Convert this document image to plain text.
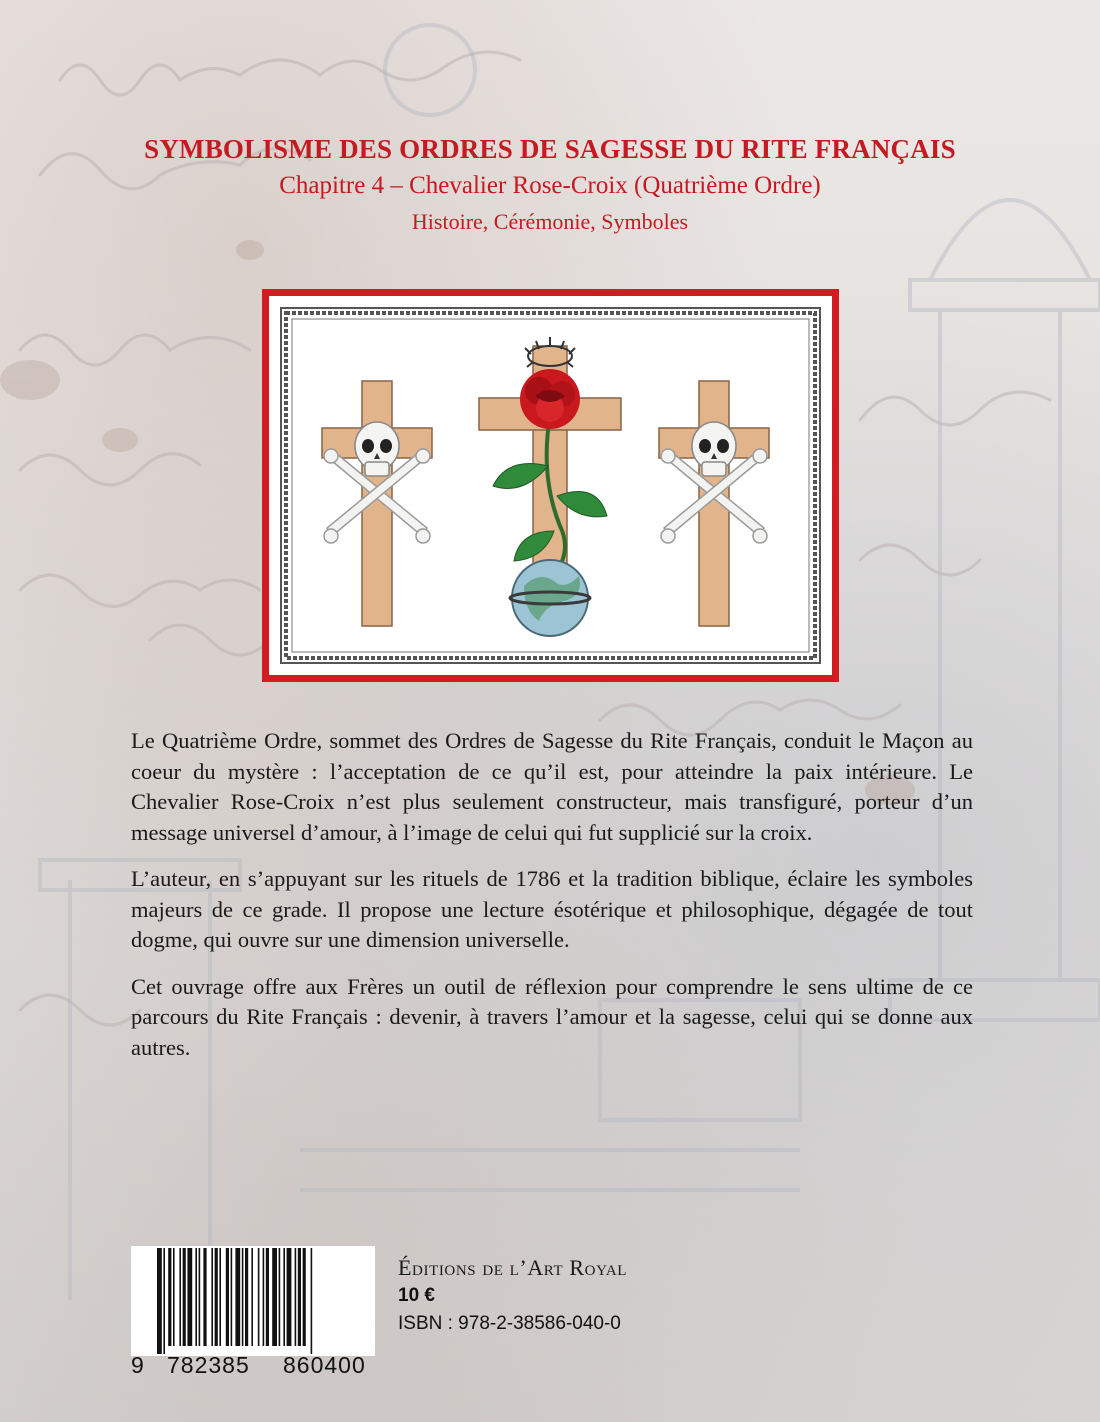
SYMBOLISME DES ORDRES DE SAGESSE DU RITE FRANÇAIS
Chapitre 4 – Chevalier Rose-Croix (Quatrième Ordre)
Histoire, Cérémonie, Symboles

Le Quatrième Ordre, sommet des Ordres de Sagesse du Rite Français, conduit le Maçon au coeur du mystère : l’acceptation de ce qu’il est, pour atteindre la paix intérieure. Le Chevalier Rose-Croix n’est plus seulement constructeur, mais transfiguré, porteur d’un message universel d’amour, à l’image de celui qui fut supplicié sur la croix.

L’auteur, en s’appuyant sur les rituels de 1786 et la tradition biblique, éclaire les symboles majeurs de ce grade. Il propose une lecture ésotérique et philosophique, dégagée de tout dogme, qui ouvre sur une dimension universelle.

Cet ouvrage offre aux Frères un outil de réflexion pour comprendre le sens ultime de ce parcours du Rite Français : devenir, à travers l’amour et la sagesse, celui qui se donne aux autres.

9 782385 860400
Éditions de l’Art Royal
10 €
ISBN : 978-2-38586-040-0
